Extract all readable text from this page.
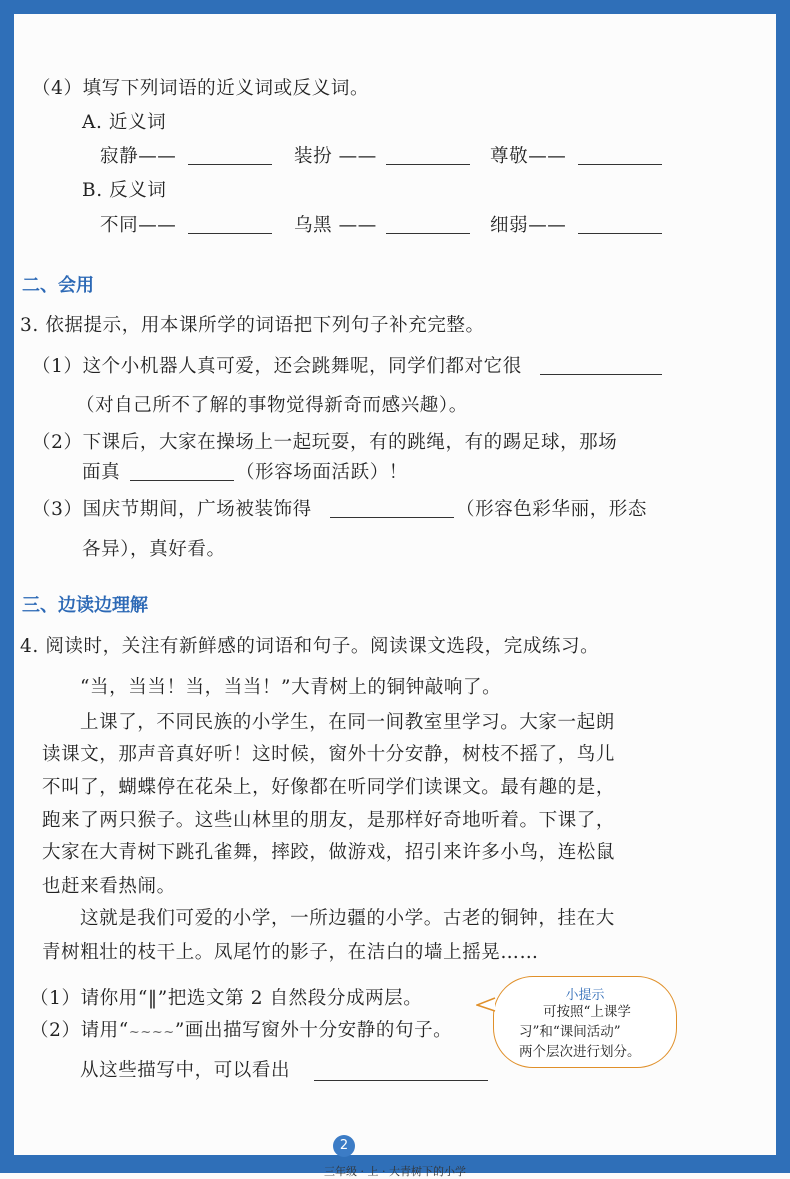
（4）填写下列词语的近义词或反义词。
A. 近义词
寂静——	装扮 ——	尊敬——
B. 反义词
不同——	乌黑 ——	细弱——
二、会用
3. 依据提示，用本课所学的词语把下列句子补充完整。
（1）这个小机器人真可爱，还会跳舞呢，同学们都对它很
（对自己所不了解的事物觉得新奇而感兴趣）。
（2）下课后，大家在操场上一起玩耍，有的跳绳，有的踢足球，那场
面真	（形容场面活跃）！
（3）国庆节期间，广场被装饰得	（形容色彩华丽，形态
各异），真好看。
三、边读边理解
4. 阅读时，关注有新鲜感的词语和句子。阅读课文选段，完成练习。
“当，当当！当，当当！”大青树上的铜钟敲响了。
上课了，不同民族的小学生，在同一间教室里学习。大家一起朗
读课文，那声音真好听！这时候，窗外十分安静，树枝不摇了，鸟儿
不叫了，蝴蝶停在花朵上，好像都在听同学们读课文。最有趣的是，
跑来了两只猴子。这些山林里的朋友，是那样好奇地听着。下课了，
大家在大青树下跳孔雀舞，摔跤，做游戏，招引来许多小鸟，连松鼠
也赶来看热闹。
这就是我们可爱的小学，一所边疆的小学。古老的铜钟，挂在大
青树粗壮的枝干上。凤尾竹的影子，在洁白的墙上摇晃……
（1）请你用“‖”把选文第 2 自然段分成两层。
（2）请用“~~~~”画出描写窗外十分安静的句子。
从这些描写中，可以看出
小提示
可按照“上课学
习”和“课间活动”
两个层次进行划分。
2
三年级 · 上 · 大青树下的小学
